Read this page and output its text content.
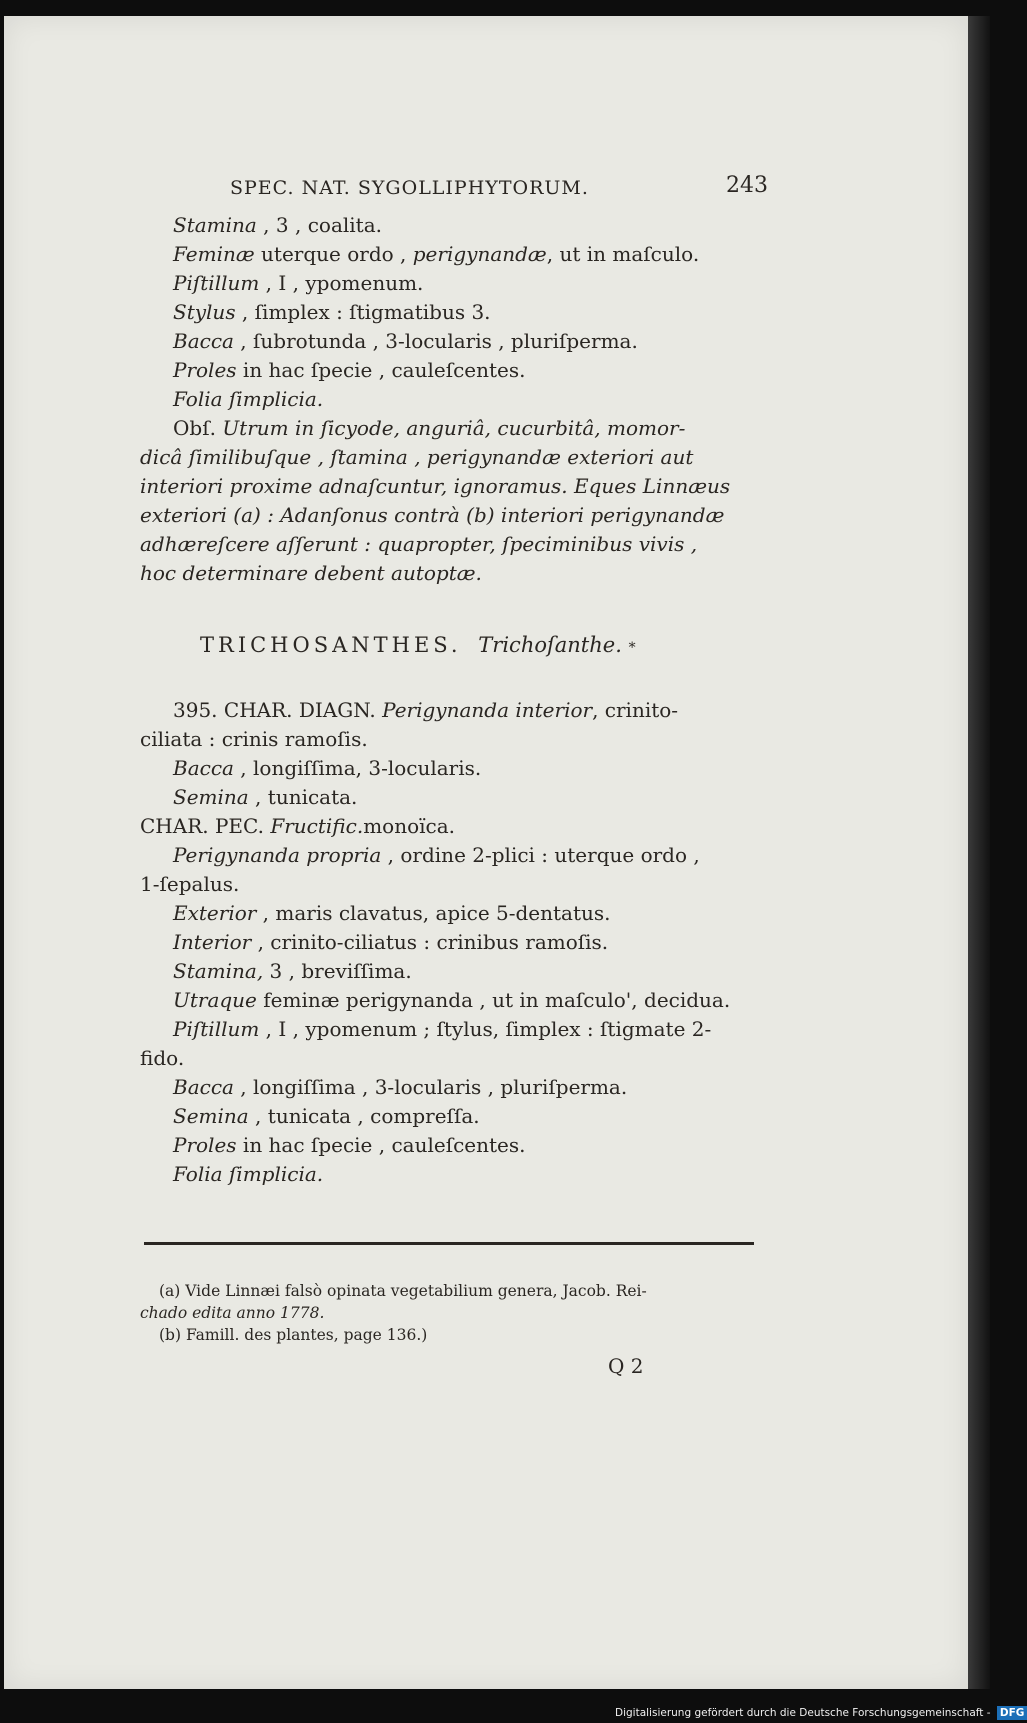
SPEC. NAT. SYGOLLIPHYTORUM.	243
Stamina , 3 , coalita.
Feminæ uterque ordo , perigynandæ, ut in maſculo.
Piſtillum , I , ypomenum.
Stylus , ſimplex : ſtigmatibus 3.
Bacca , ſubrotunda , 3-locularis , pluriſperma.
Proles in hac ſpecie , cauleſcentes.
Folia ſimplicia.
Obſ. Utrum in ſicyode, anguriâ, cucurbitâ, momor-
dicâ ſimilibuſque , ſtamina , perigynandæ exteriori aut
interiori proxime adnaſcuntur, ignoramus. Eques Linnæus
exteriori (a) : Adanſonus contrà (b) interiori perigynandæ
adhæreſcere aſſerunt : quapropter, ſpeciminibus vivis ,
hoc determinare debent autoptæ.
TRICHOSANTHES. Trichoſanthe. *
395. CHAR. DIAGN. Perigynanda interior, crinito-
ciliata : crinis ramoſis.
Bacca , longiſſima, 3-locularis.
Semina , tunicata.
CHAR. PEC. Fructific.monoïca.
Perigynanda propria , ordine 2-plici : uterque ordo ,
1-ſepalus.
Exterior , maris clavatus, apice 5-dentatus.
Interior , crinito-ciliatus : crinibus ramoſis.
Stamina, 3 , breviſſima.
Utraque feminæ perigynanda , ut in maſculo', decidua.
Piſtillum , I , ypomenum ; ſtylus, ſimplex : ſtigmate 2-
fido.
Bacca , longiſſima , 3-locularis , pluriſperma.
Semina , tunicata , compreſſa.
Proles in hac ſpecie , cauleſcentes.
Folia ſimplicia.
(a) Vide Linnæi falsò opinata vegetabilium genera, Jacob. Rei-
chado edita anno 1778.
(b) Famill. des plantes, page 136.)
Q 2
Digitalisierung gefördert durch die Deutsche Forschungsgemeinschaft - DFG
